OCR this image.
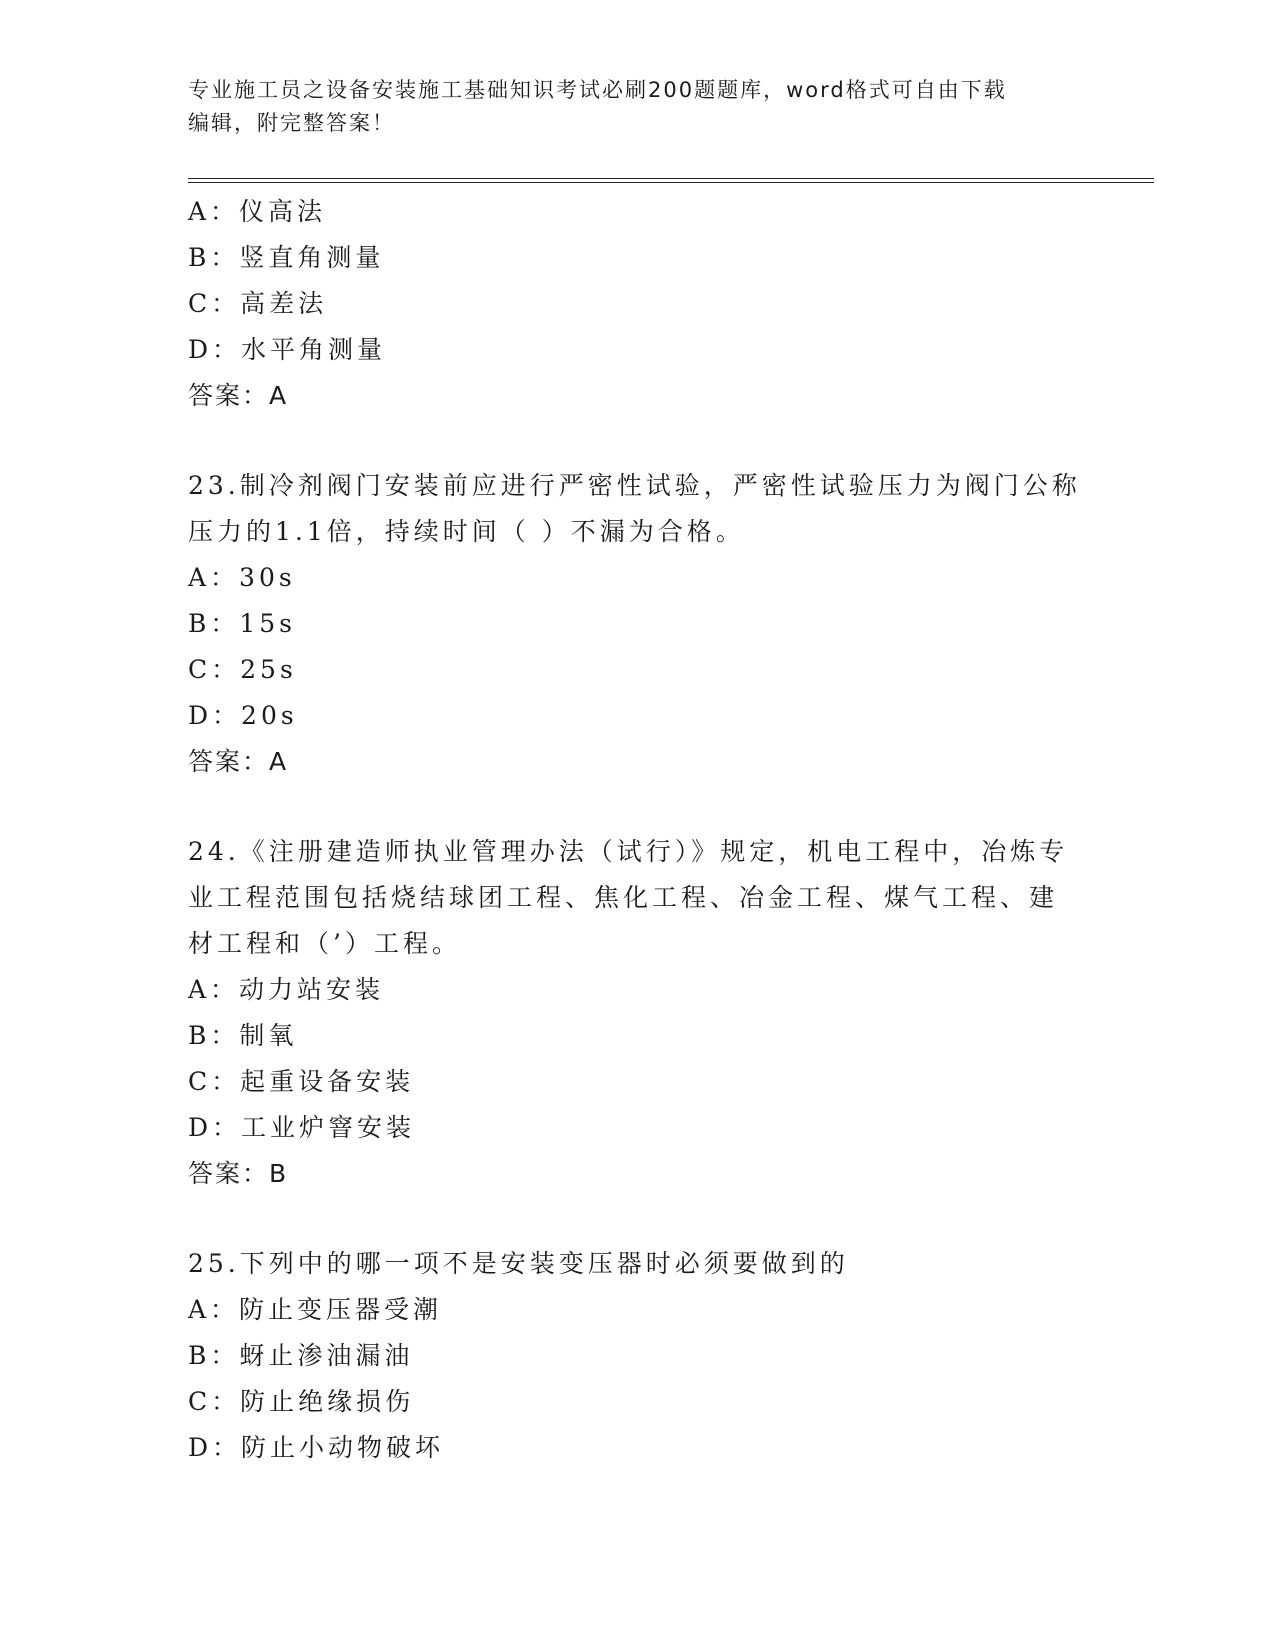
专业施工员之设备安装施工基础知识考试必刷200题题库，word格式可自由下载
编辑，附完整答案！
A：仪高法
B：竖直角测量
C：高差法
D：水平角测量
答案：A
23.制冷剂阀门安装前应进行严密性试验，严密性试验压力为阀门公称
压力的1.1倍，持续时间（ ）不漏为合格。
A：30s
B：15s
C：25s
D：20s
答案：A
24.《注册建造师执业管理办法（试行）》规定，机电工程中，冶炼专
业工程范围包括烧结球团工程、焦化工程、冶金工程、煤气工程、建
材工程和（’）工程。
A：动力站安装
B：制氧
C：起重设备安装
D：工业炉窨安装
答案：B
25.下列中的哪一项不是安装变压器时必须要做到的
A：防止变压器受潮
B：蚜止渗油漏油
C：防止绝缘损伤
D：防止小动物破坏
